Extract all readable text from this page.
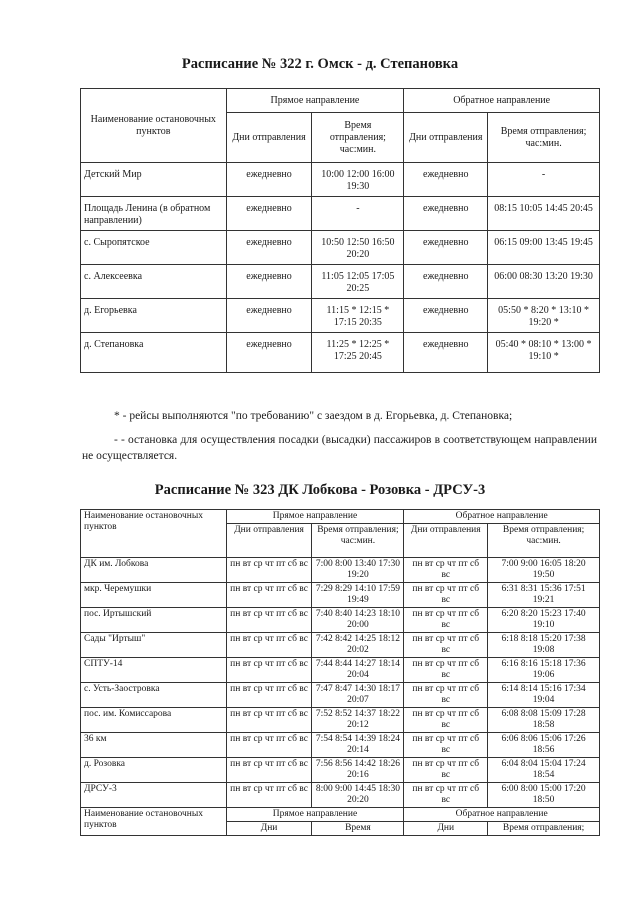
Расписание № 322 г. Омск - д. Степановка
Наименование остановочных пунктов	Прямое направление		Обратное направление	
	Дни отправления	Время отправления; час:мин.	Дни отправления	Время отправления; час:мин.
Детский Мир	ежедневно	10:00 12:00 16:00 19:30	ежедневно	-
Площадь Ленина (в обратном направлении)	ежедневно	-	ежедневно	08:15 10:05 14:45 20:45
с. Сыропятское	ежедневно	10:50 12:50 16:50 20:20	ежедневно	06:15 09:00 13:45 19:45
с. Алексеевка	ежедневно	11:05 12:05 17:05 20:25	ежедневно	06:00 08:30 13:20 19:30
д. Егорьевка	ежедневно	11:15 * 12:15 * 17:15 20:35	ежедневно	05:50 * 8:20 * 13:10 * 19:20 *
д. Степановка	ежедневно	11:25 * 12:25 * 17:25 20:45	ежедневно	05:40 * 08:10 * 13:00 * 19:10 *
* - рейсы выполняются "по требованию" с заездом в д. Егорьевка, д. Степановка;
- - остановка для осуществления посадки (высадки) пассажиров в соответствующем направлении не осуществляется.
Расписание № 323 ДК Лобкова - Розовка - ДРСУ-3
Наименование остановочных пунктов	Прямое направление		Обратное направление	
	Дни отправления	Время отправления; час:мин.	Дни отправления	Время отправления; час:мин.
ДК им. Лобкова	пн вт ср чт пт сб вс	7:00 8:00 13:40 17:30 19:20	пн вт ср чт пт сб вс	7:00 9:00 16:05 18:20 19:50
мкр. Черемушки	пн вт ср чт пт сб вс	7:29 8:29 14:10 17:59 19:49	пн вт ср чт пт сб вс	6:31 8:31 15:36 17:51 19:21
пос. Иртышский	пн вт ср чт пт сб вс	7:40 8:40 14:23 18:10 20:00	пн вт ср чт пт сб вс	6:20 8:20 15:23 17:40 19:10
Сады "Иртыш"	пн вт ср чт пт сб вс	7:42 8:42 14:25 18:12 20:02	пн вт ср чт пт сб вс	6:18 8:18 15:20 17:38 19:08
СПТУ-14	пн вт ср чт пт сб вс	7:44 8:44 14:27 18:14 20:04	пн вт ср чт пт сб вс	6:16 8:16 15:18 17:36 19:06
с. Усть-Заостровка	пн вт ср чт пт сб вс	7:47 8:47 14:30 18:17 20:07	пн вт ср чт пт сб вс	6:14 8:14 15:16 17:34 19:04
пос. им. Комиссарова	пн вт ср чт пт сб вс	7:52 8:52 14:37 18:22 20:12	пн вт ср чт пт сб вс	6:08 8:08 15:09 17:28 18:58
36 км	пн вт ср чт пт сб вс	7:54 8:54 14:39 18:24 20:14	пн вт ср чт пт сб вс	6:06 8:06 15:06 17:26 18:56
д. Розовка	пн вт ср чт пт сб вс	7:56 8:56 14:42 18:26 20:16	пн вт ср чт пт сб вс	6:04 8:04 15:04 17:24 18:54
ДРСУ-3	пн вт ср чт пт сб вс	8:00 9:00 14:45 18:30 20:20	пн вт ср чт пт сб вс	6:00 8:00 15:00 17:20 18:50
Наименование остановочных пунктов	Прямое направление		Обратное направление	
	Дни	Время	Дни	Время отправления;
